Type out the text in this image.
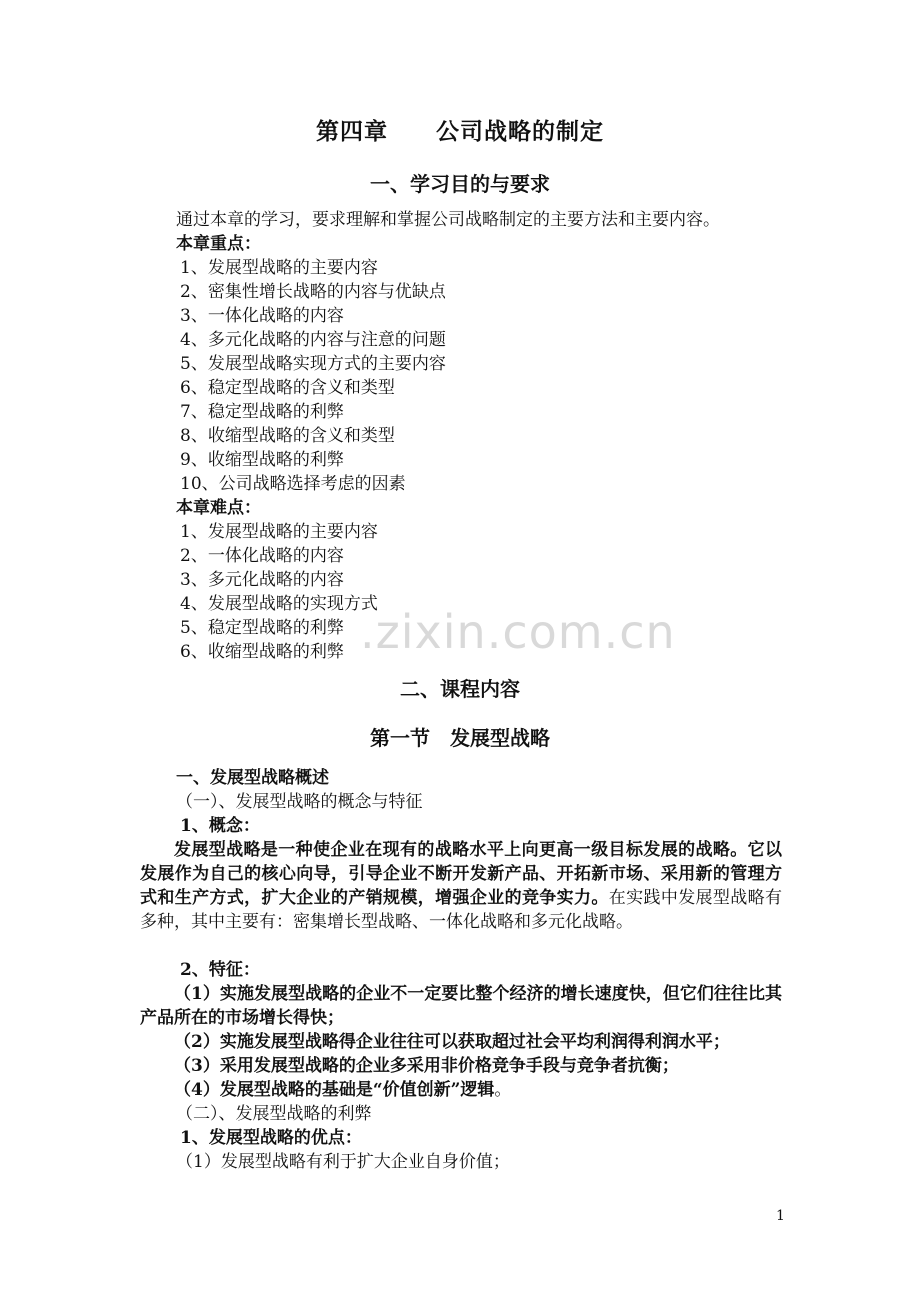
第四章　　公司战略的制定
一、学习目的与要求
通过本章的学习，要求理解和掌握公司战略制定的主要方法和主要内容。
本章重点：
1、发展型战略的主要内容
2、密集性增长战略的内容与优缺点
3、一体化战略的内容
4、多元化战略的内容与注意的问题
5、发展型战略实现方式的主要内容
6、稳定型战略的含义和类型
7、稳定型战略的利弊
8、收缩型战略的含义和类型
9、收缩型战略的利弊
10、公司战略选择考虑的因素
本章难点：
1、发展型战略的主要内容
2、一体化战略的内容
3、多元化战略的内容
4、发展型战略的实现方式
5、稳定型战略的利弊
6、收缩型战略的利弊 .zixin.com.cn
二、课程内容
第一节　发展型战略
一、发展型战略概述
（一）、发展型战略的概念与特征
1、概念：
发展型战略是一种使企业在现有的战略水平上向更高一级目标发展的战略。它以发展作为自己的核心向导，引导企业不断开发新产品、开拓新市场、采用新的管理方式和生产方式，扩大企业的产销规模，增强企业的竞争实力。在实践中发展型战略有多种，其中主要有：密集增长型战略、一体化战略和多元化战略。
2、特征：
（1）实施发展型战略的企业不一定要比整个经济的增长速度快，但它们往往比其产品所在的市场增长得快；
（2）实施发展型战略得企业往往可以获取超过社会平均利润得利润水平；
（3）采用发展型战略的企业多采用非价格竞争手段与竞争者抗衡；
（4）发展型战略的基础是“价值创新”逻辑。
（二）、发展型战略的利弊
1、发展型战略的优点：
（1）发展型战略有利于扩大企业自身价值；
1
